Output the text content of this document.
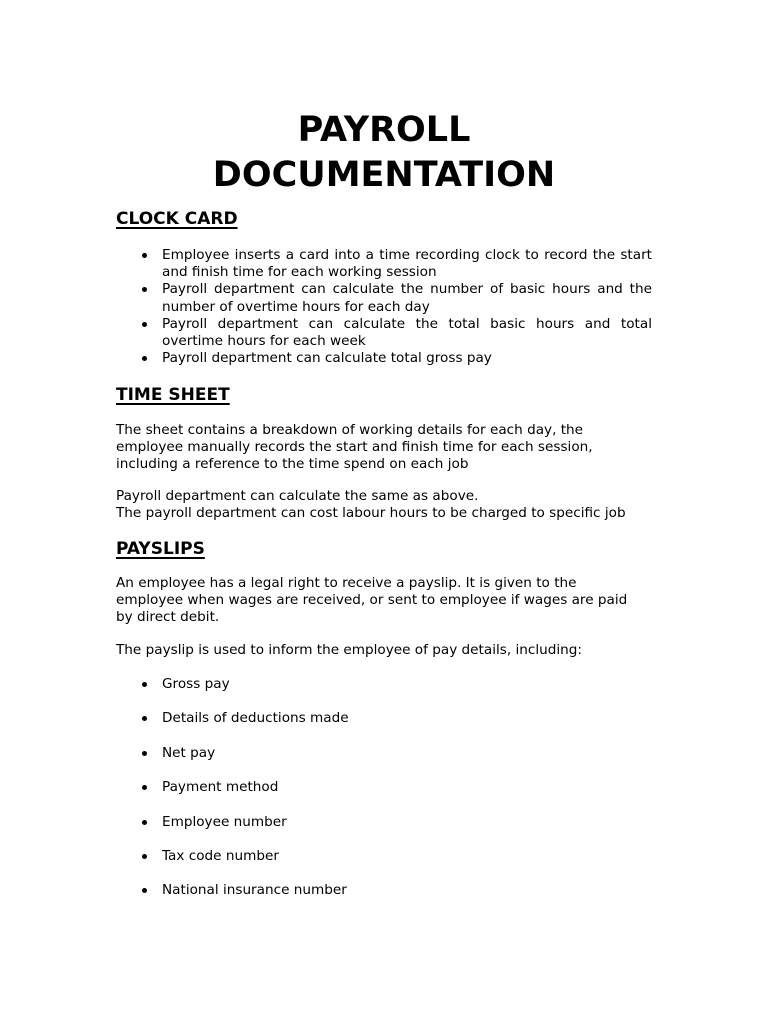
PAYROLL
DOCUMENTATION
CLOCK CARD
Employee inserts a card into a time recording clock to record the start and finish time for each working session
Payroll department can calculate the number of basic hours and the number of overtime hours for each day
Payroll department can calculate the total basic hours and total overtime hours for each week
Payroll department can calculate total gross pay
TIME SHEET

The sheet contains a breakdown of working details for each day, the
employee manually records the start and finish time for each session,
including a reference to the time spend on each job

Payroll department can calculate the same as above.
The payroll department can cost labour hours to be charged to specific job

PAYSLIPS

An employee has a legal right to receive a payslip. It is given to the
employee when wages are received, or sent to employee if wages are paid
by direct debit.

The payslip is used to inform the employee of pay details, including:

Gross pay
Details of deductions made
Net pay
Payment method
Employee number
Tax code number
National insurance number
